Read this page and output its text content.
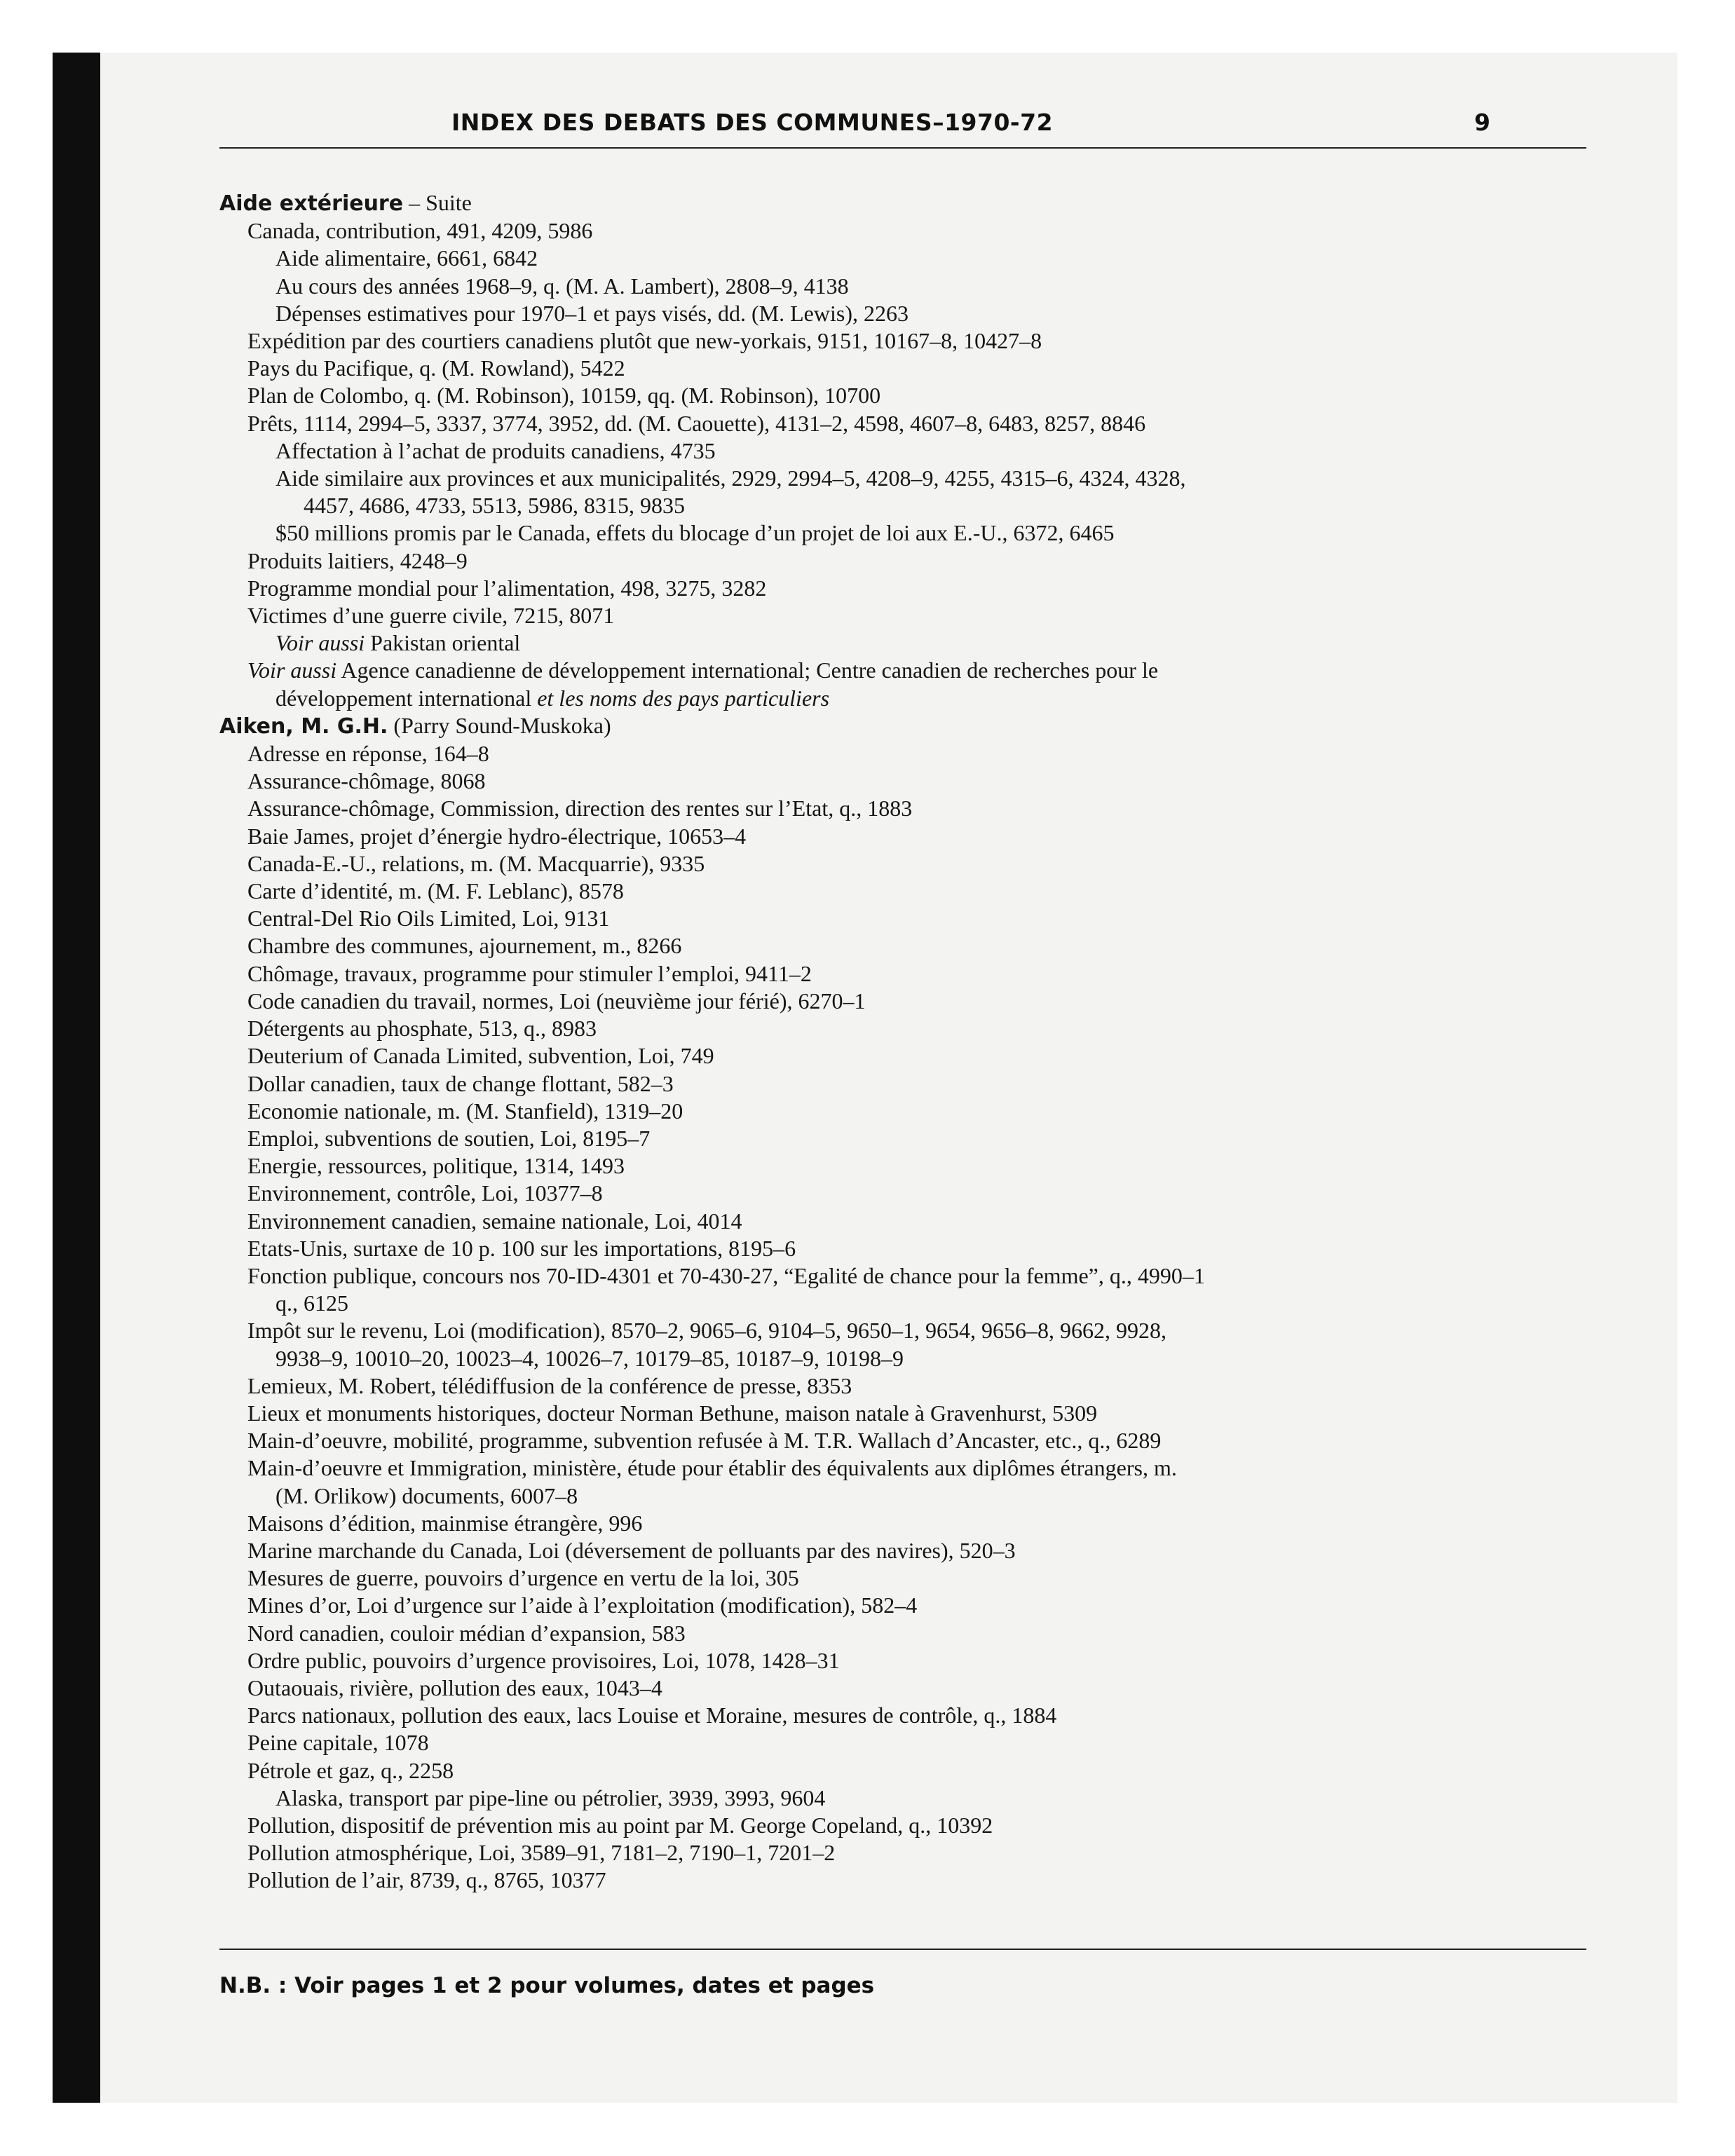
INDEX DES DEBATS DES COMMUNES–1970-72	9
Aide extérieure – Suite
Canada, contribution, 491, 4209, 5986
Aide alimentaire, 6661, 6842
Au cours des années 1968–9, q. (M. A. Lambert), 2808–9, 4138
Dépenses estimatives pour 1970–1 et pays visés, dd. (M. Lewis), 2263
Expédition par des courtiers canadiens plutôt que new-yorkais, 9151, 10167–8, 10427–8
Pays du Pacifique, q. (M. Rowland), 5422
Plan de Colombo, q. (M. Robinson), 10159, qq. (M. Robinson), 10700
Prêts, 1114, 2994–5, 3337, 3774, 3952, dd. (M. Caouette), 4131–2, 4598, 4607–8, 6483, 8257, 8846
Affectation à l’achat de produits canadiens, 4735
Aide similaire aux provinces et aux municipalités, 2929, 2994–5, 4208–9, 4255, 4315–6, 4324, 4328,
4457, 4686, 4733, 5513, 5986, 8315, 9835
$50 millions promis par le Canada, effets du blocage d’un projet de loi aux E.-U., 6372, 6465
Produits laitiers, 4248–9
Programme mondial pour l’alimentation, 498, 3275, 3282
Victimes d’une guerre civile, 7215, 8071
Voir aussi Pakistan oriental
Voir aussi Agence canadienne de développement international; Centre canadien de recherches pour le
développement international et les noms des pays particuliers
Aiken, M. G.H. (Parry Sound-Muskoka)
Adresse en réponse, 164–8
Assurance-chômage, 8068
Assurance-chômage, Commission, direction des rentes sur l’Etat, q., 1883
Baie James, projet d’énergie hydro-électrique, 10653–4
Canada-E.-U., relations, m. (M. Macquarrie), 9335
Carte d’identité, m. (M. F. Leblanc), 8578
Central-Del Rio Oils Limited, Loi, 9131
Chambre des communes, ajournement, m., 8266
Chômage, travaux, programme pour stimuler l’emploi, 9411–2
Code canadien du travail, normes, Loi (neuvième jour férié), 6270–1
Détergents au phosphate, 513, q., 8983
Deuterium of Canada Limited, subvention, Loi, 749
Dollar canadien, taux de change flottant, 582–3
Economie nationale, m. (M. Stanfield), 1319–20
Emploi, subventions de soutien, Loi, 8195–7
Energie, ressources, politique, 1314, 1493
Environnement, contrôle, Loi, 10377–8
Environnement canadien, semaine nationale, Loi, 4014
Etats-Unis, surtaxe de 10 p. 100 sur les importations, 8195–6
Fonction publique, concours nos 70-ID-4301 et 70-430-27, “Egalité de chance pour la femme”, q., 4990–1
q., 6125
Impôt sur le revenu, Loi (modification), 8570–2, 9065–6, 9104–5, 9650–1, 9654, 9656–8, 9662, 9928,
9938–9, 10010–20, 10023–4, 10026–7, 10179–85, 10187–9, 10198–9
Lemieux, M. Robert, télédiffusion de la conférence de presse, 8353
Lieux et monuments historiques, docteur Norman Bethune, maison natale à Gravenhurst, 5309
Main-d’oeuvre, mobilité, programme, subvention refusée à M. T.R. Wallach d’Ancaster, etc., q., 6289
Main-d’oeuvre et Immigration, ministère, étude pour établir des équivalents aux diplômes étrangers, m.
(M. Orlikow) documents, 6007–8
Maisons d’édition, mainmise étrangère, 996
Marine marchande du Canada, Loi (déversement de polluants par des navires), 520–3
Mesures de guerre, pouvoirs d’urgence en vertu de la loi, 305
Mines d’or, Loi d’urgence sur l’aide à l’exploitation (modification), 582–4
Nord canadien, couloir médian d’expansion, 583
Ordre public, pouvoirs d’urgence provisoires, Loi, 1078, 1428–31
Outaouais, rivière, pollution des eaux, 1043–4
Parcs nationaux, pollution des eaux, lacs Louise et Moraine, mesures de contrôle, q., 1884
Peine capitale, 1078
Pétrole et gaz, q., 2258
Alaska, transport par pipe-line ou pétrolier, 3939, 3993, 9604
Pollution, dispositif de prévention mis au point par M. George Copeland, q., 10392
Pollution atmosphérique, Loi, 3589–91, 7181–2, 7190–1, 7201–2
Pollution de l’air, 8739, q., 8765, 10377
N.B. : Voir pages 1 et 2 pour volumes, dates et pages
